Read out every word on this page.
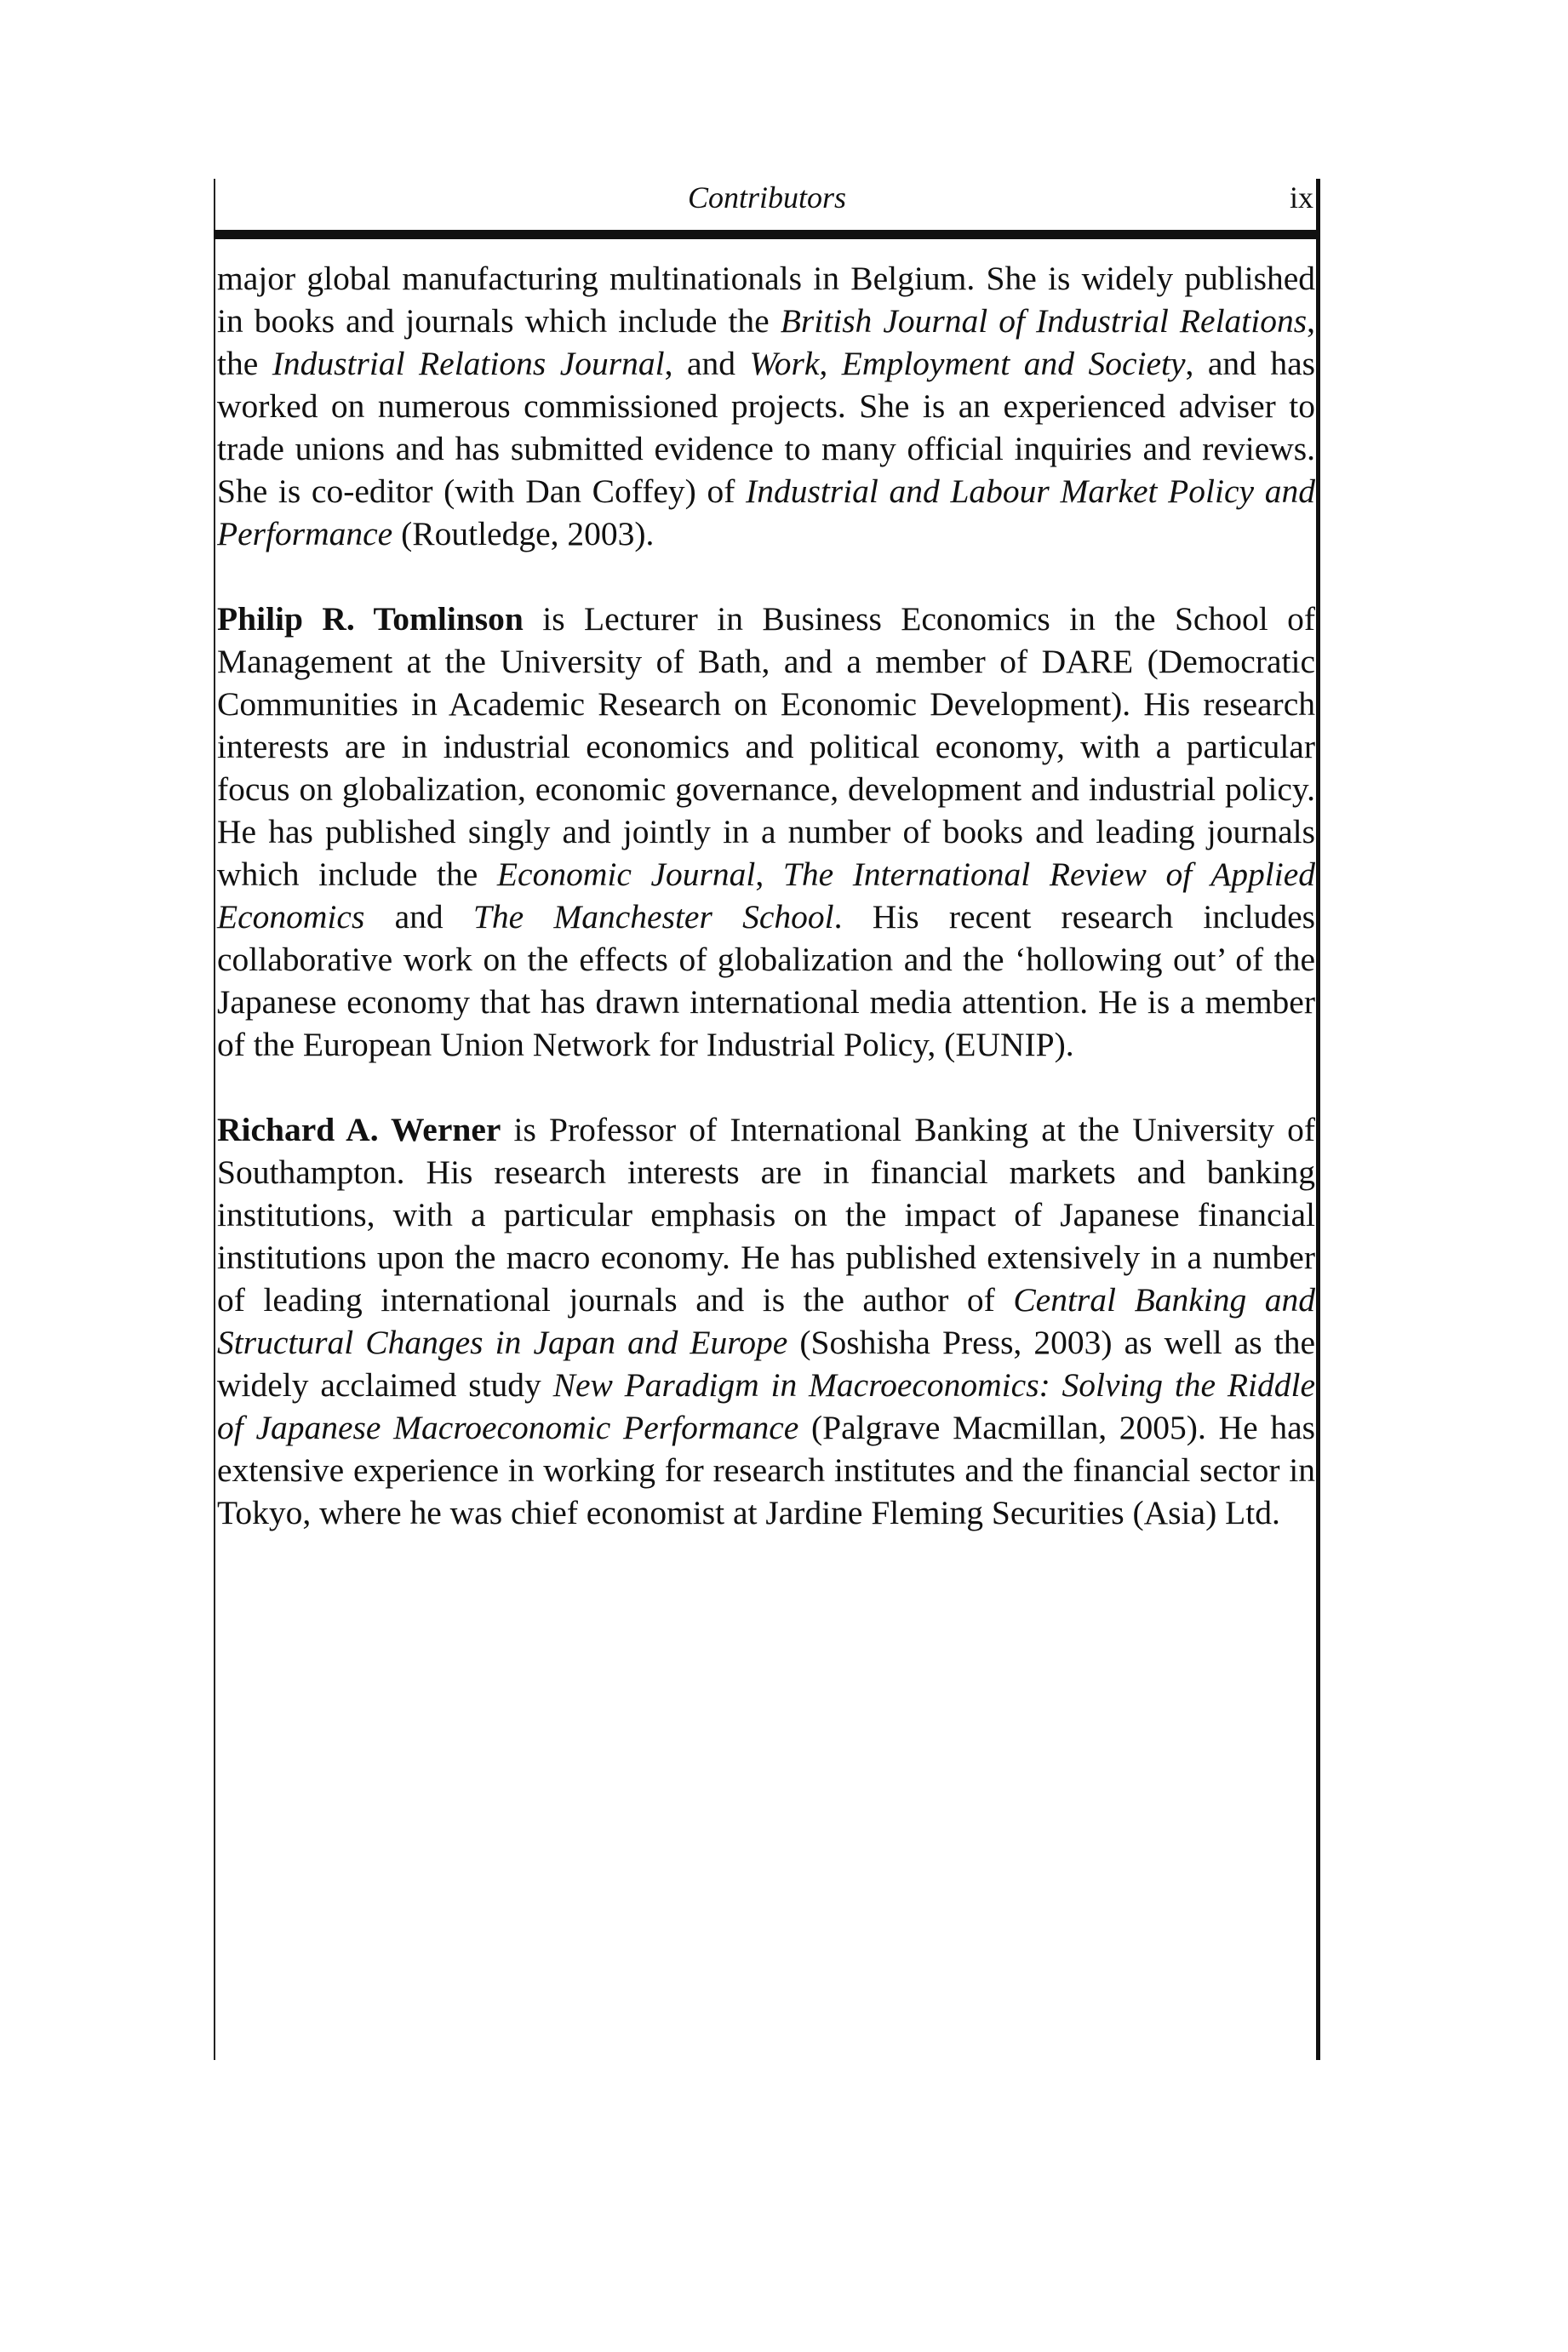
Contributors	ix

major global manufacturing multinationals in Belgium. She is widely published in books and journals which include the British Journal of Industrial Relations, the Industrial Relations Journal, and Work, Employment and Society, and has worked on numerous commissioned projects. She is an experienced adviser to trade unions and has submitted evidence to many official inquiries and reviews. She is co-editor (with Dan Coffey) of Industrial and Labour Market Policy and Performance (Routledge, 2003).

Philip R. Tomlinson is Lecturer in Business Economics in the School of Management at the University of Bath, and a member of DARE (Democratic Communities in Academic Research on Economic Development). His research interests are in industrial economics and political economy, with a particular focus on globalization, economic governance, development and industrial policy. He has published singly and jointly in a number of books and leading journals which include the Economic Journal, The International Review of Applied Economics and The Manchester School. His recent research includes collaborative work on the effects of globalization and the ‘hollowing out’ of the Japanese economy that has drawn international media attention. He is a member of the European Union Network for Industrial Policy, (EUNIP).

Richard A. Werner is Professor of International Banking at the University of Southampton. His research interests are in financial markets and banking institutions, with a particular emphasis on the impact of Japanese financial institutions upon the macro economy. He has published extensively in a number of leading international journals and is the author of Central Banking and Structural Changes in Japan and Europe (Soshisha Press, 2003) as well as the widely acclaimed study New Paradigm in Macroeconomics: Solving the Riddle of Japanese Macroeconomic Performance (Palgrave Macmillan, 2005). He has extensive experience in working for research institutes and the financial sector in Tokyo, where he was chief economist at Jardine Fleming Securities (Asia) Ltd.
